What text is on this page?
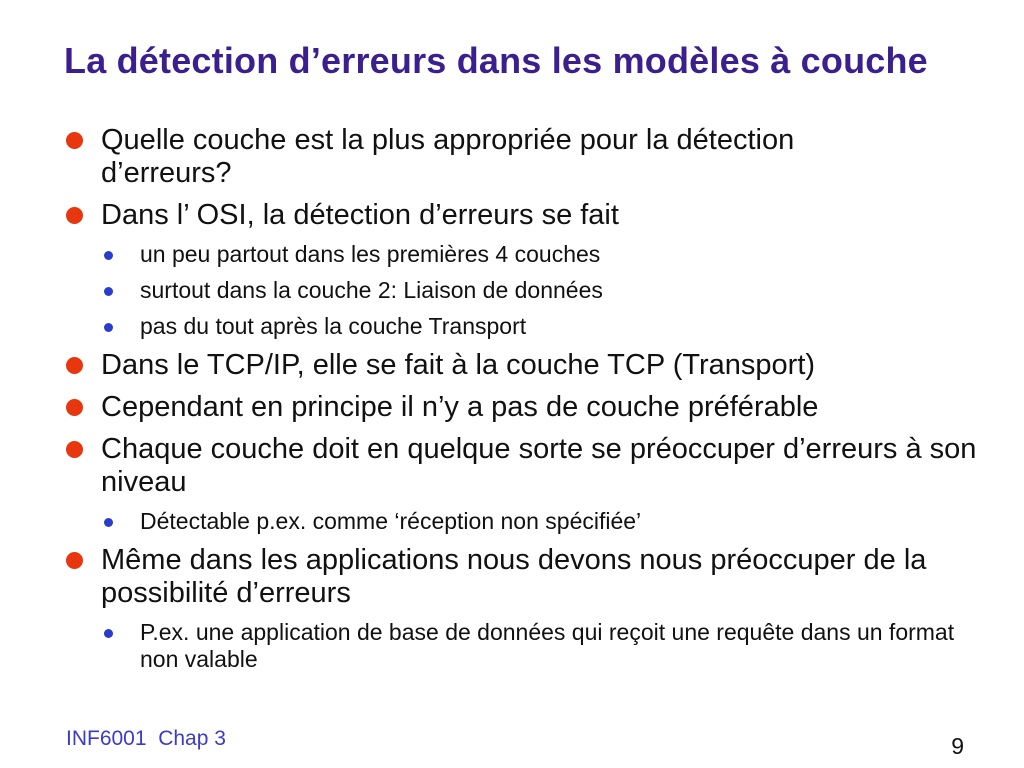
La détection d’erreurs dans les modèles à couche
Quelle couche est la plus appropriée pour la détection d’erreurs?
Dans l’ OSI, la détection d’erreurs se fait
un peu partout dans les premières 4 couches
surtout dans la couche 2: Liaison de données
pas du tout après la couche Transport
Dans le TCP/IP, elle se fait à la couche TCP (Transport)
Cependant en principe il n’y a pas de couche préférable
Chaque couche doit en quelque sorte se préoccuper d’erreurs à son niveau
Détectable p.ex. comme ‘réception non spécifiée’
Même dans les applications nous devons nous préoccuper de la possibilité d’erreurs
P.ex. une application de base de données qui reçoit une requête dans un format non valable
INF6001  Chap 3	9
